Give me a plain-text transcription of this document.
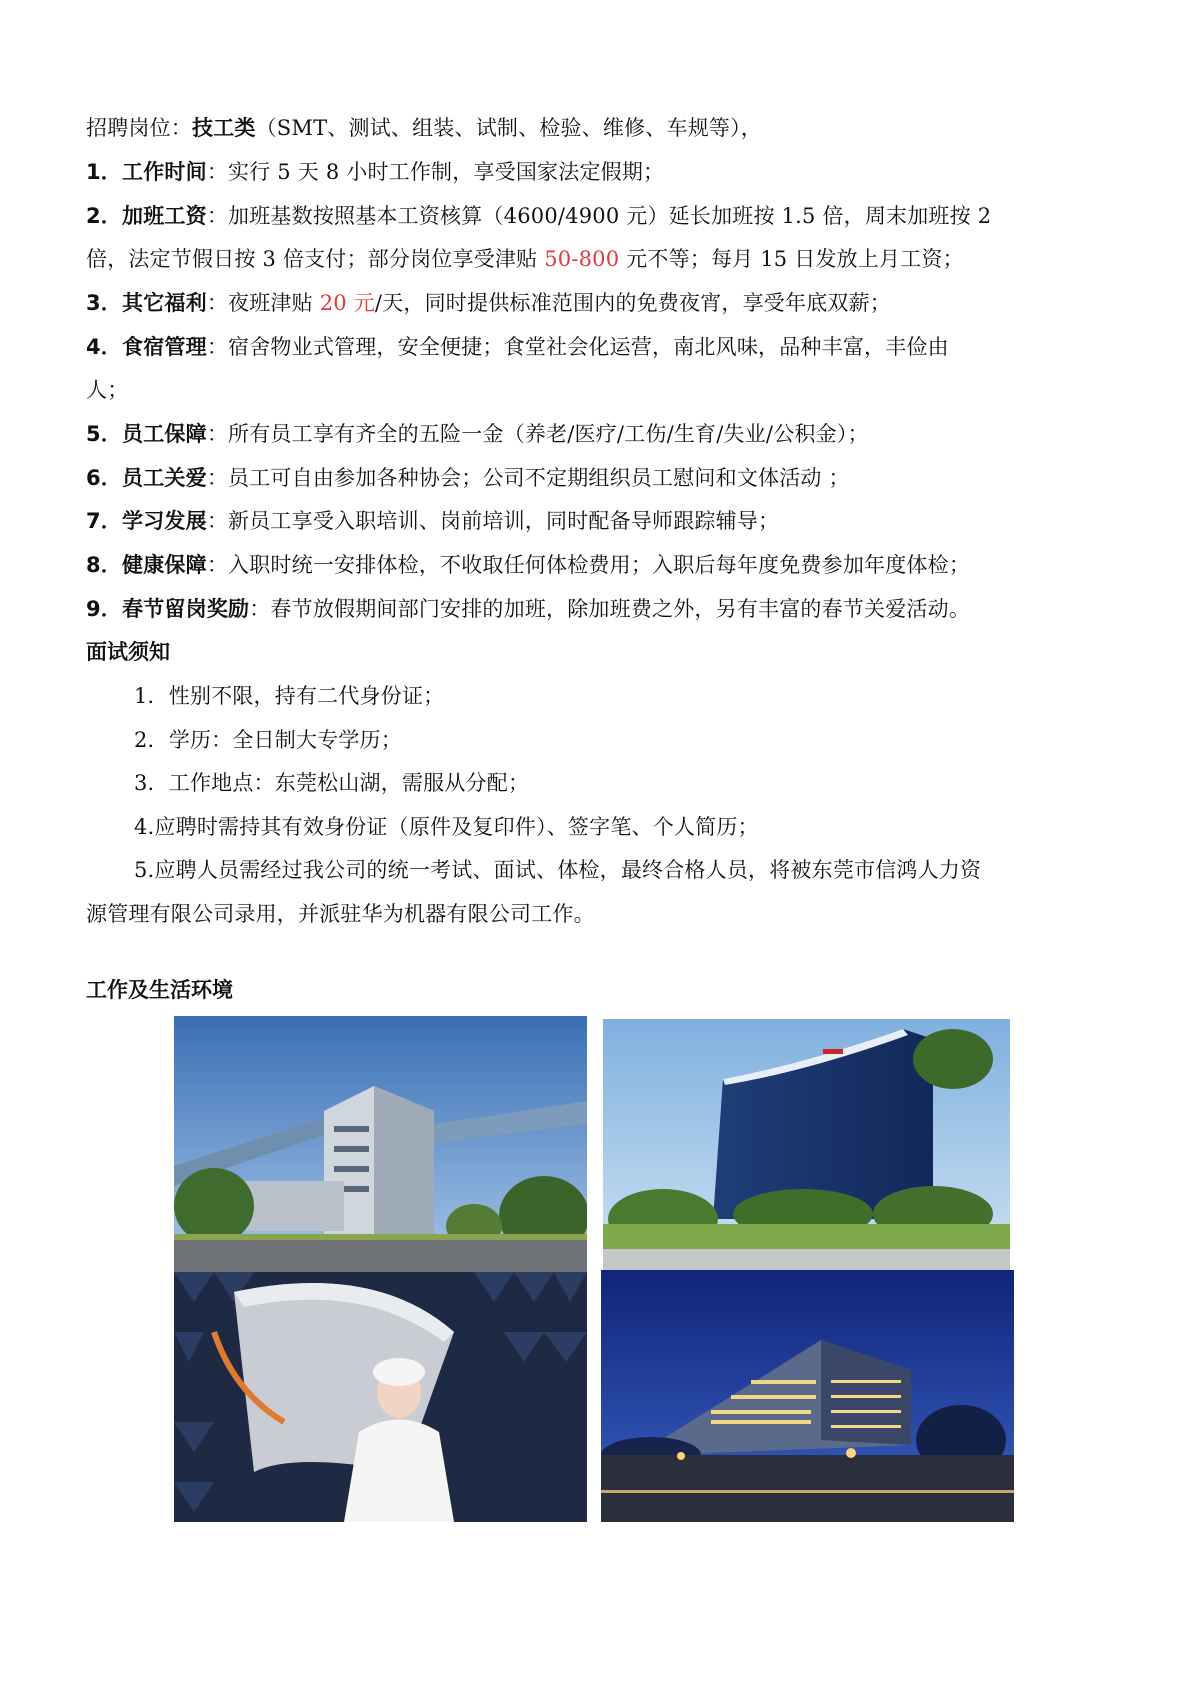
招聘岗位：技工类（SMT、测试、组装、试制、检验、维修、车规等），
1．工作时间：实行 5 天 8 小时工作制，享受国家法定假期；
2．加班工资：加班基数按照基本工资核算（4600/4900 元）延长加班按 1.5 倍，周末加班按 2
倍，法定节假日按 3 倍支付；部分岗位享受津贴 50-800 元不等；每月 15 日发放上月工资；
3．其它福利：夜班津贴 20 元/天，同时提供标准范围内的免费夜宵，享受年底双薪；
4．食宿管理：宿舍物业式管理，安全便捷；食堂社会化运营，南北风味，品种丰富，丰俭由
人；
5．员工保障：所有员工享有齐全的五险一金（养老/医疗/工伤/生育/失业/公积金）；
6．员工关爱：员工可自由参加各种协会；公司不定期组织员工慰问和文体活动 ；
7．学习发展：新员工享受入职培训、岗前培训，同时配备导师跟踪辅导；
8．健康保障：入职时统一安排体检，不收取任何体检费用；入职后每年度免费参加年度体检；
9．春节留岗奖励：春节放假期间部门安排的加班，除加班费之外，另有丰富的春节关爱活动。
面试须知
1．性别不限，持有二代身份证；
2．学历：全日制大专学历；
3．工作地点：东莞松山湖，需服从分配；
4.应聘时需持其有效身份证（原件及复印件）、签字笔、个人简历；
5.应聘人员需经过我公司的统一考试、面试、体检，最终合格人员，将被东莞市信鸿人力资
源管理有限公司录用，并派驻华为机器有限公司工作。
工作及生活环境
